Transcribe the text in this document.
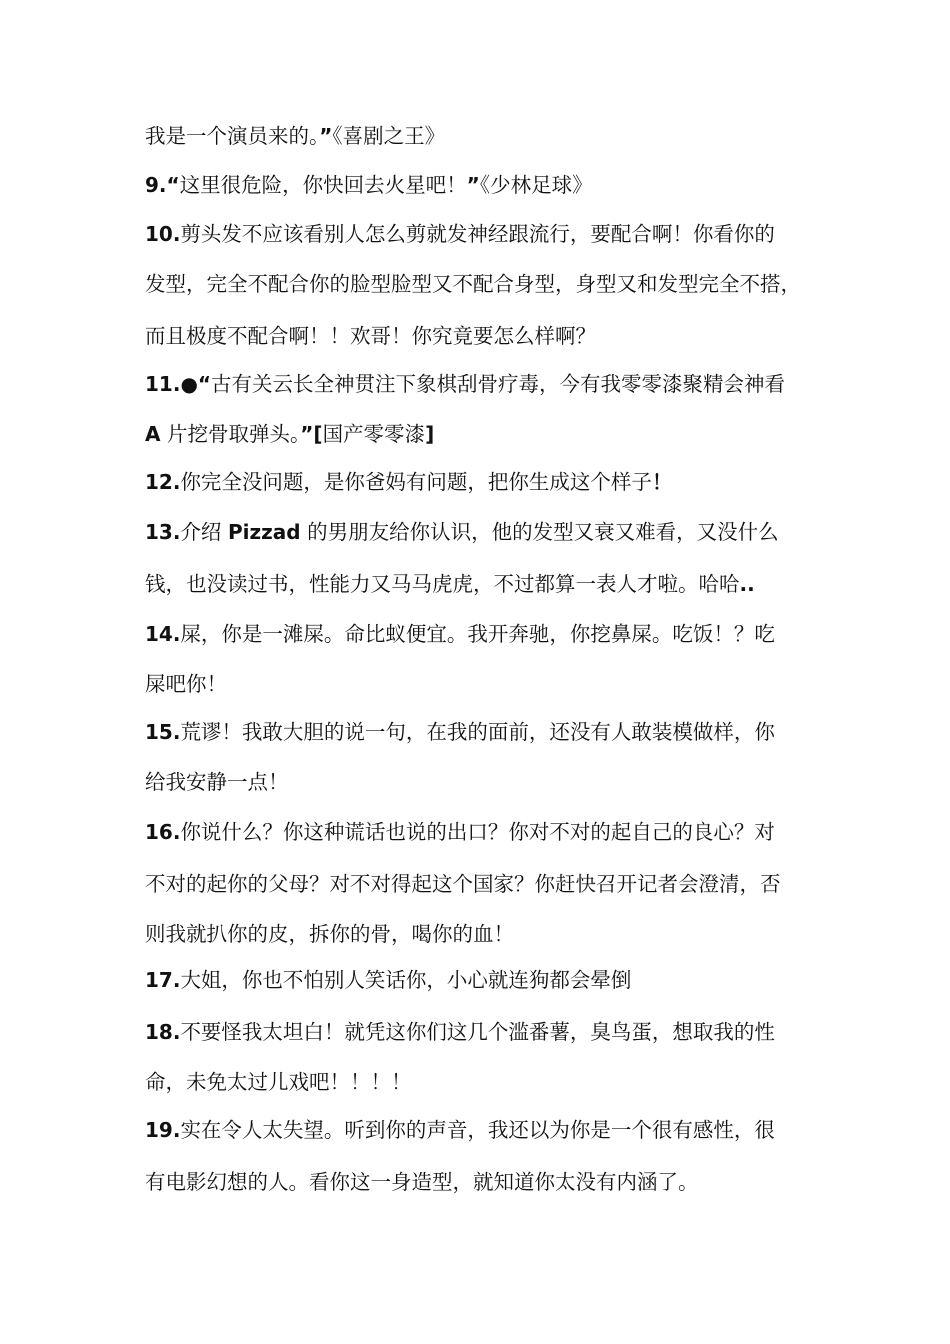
我是一个演员来的。”《喜剧之王》
9.“这里很危险，你快回去火星吧！”《少林足球》
10.剪头发不应该看别人怎么剪就发神经跟流行，要配合啊！你看你的
发型，完全不配合你的脸型脸型又不配合身型，身型又和发型完全不搭，
而且极度不配合啊！！欢哥！你究竟要怎么样啊？
11.●“古有关云长全神贯注下象棋刮骨疗毒，今有我零零漆聚精会神看
A 片挖骨取弹头。”[国产零零漆]
12.你完全没问题，是你爸妈有问题，把你生成这个样子！
13.介绍 Pizzad 的男朋友给你认识，他的发型又衰又难看，又没什么
钱，也没读过书，性能力又马马虎虎，不过都算一表人才啦。哈哈..
14.屎，你是一滩屎。命比蚁便宜。我开奔驰，你挖鼻屎。吃饭！？吃
屎吧你！
15.荒谬！我敢大胆的说一句，在我的面前，还没有人敢装模做样，你
给我安静一点！
16.你说什么？你这种谎话也说的出口？你对不对的起自己的良心？对
不对的起你的父母？对不对得起这个国家？你赶快召开记者会澄清，否
则我就扒你的皮，拆你的骨，喝你的血！
17.大姐，你也不怕别人笑话你，小心就连狗都会晕倒
18.不要怪我太坦白！就凭这你们这几个滥番薯，臭鸟蛋，想取我的性
命，未免太过儿戏吧！！！！
19.实在令人太失望。听到你的声音，我还以为你是一个很有感性，很
有电影幻想的人。看你这一身造型，就知道你太没有内涵了。
